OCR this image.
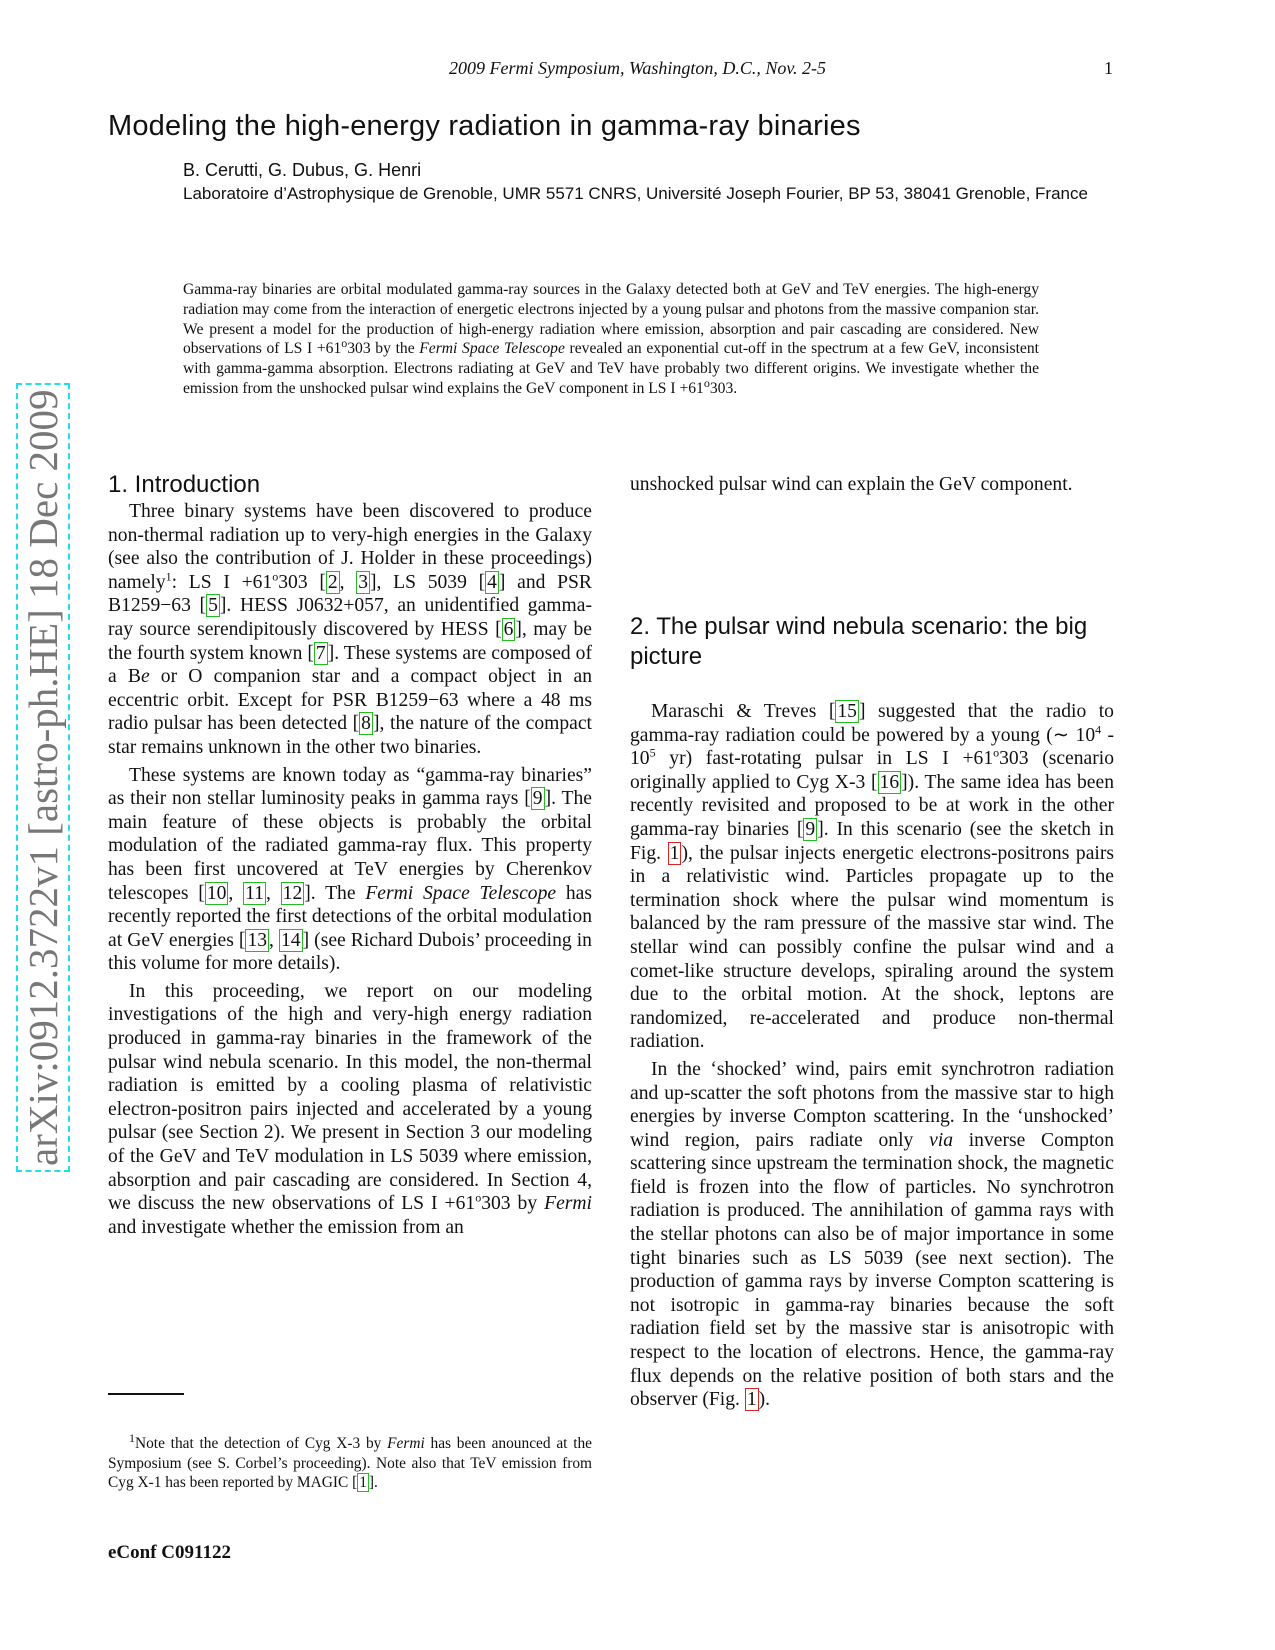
2009 Fermi Symposium, Washington, D.C., Nov. 2-5	1
Modeling the high-energy radiation in gamma-ray binaries
B. Cerutti, G. Dubus, G. Henri
Laboratoire d’Astrophysique de Grenoble, UMR 5571 CNRS, Université Joseph Fourier, BP 53, 38041 Grenoble, France

Gamma-ray binaries are orbital modulated gamma-ray sources in the Galaxy detected both at GeV and TeV energies. The high-energy radiation may come from the interaction of energetic electrons injected by a young pulsar and photons from the massive companion star. We present a model for the production of high-energy radiation where emission, absorption and pair cascading are considered. New observations of LS $I +61^o303$ by the Fermi Space Telescope revealed an exponential cut-off in the spectrum at a few GeV, inconsistent with gamma-gamma absorption. Electrons radiating at GeV and TeV have probably two different origins. We investigate whether the emission from the unshocked pulsar wind explains the GeV component in LS $I +61^o303$.

arXiv:0912.3722v1 [astro-ph.HE] 18 Dec 2009 1. Introduction

Three binary systems have been discovered to produce non-thermal radiation up to very-high energies in the Galaxy (see also the contribution of J. Holder in these proceedings) namely$^1$: LS $I +61^o303$ [ 2 , 3 ], LS 5039 [ 4 ] and PSR B1259−63 [ 5 ]. HESS J0632+057, an unidentified gamma-ray source serendipitously discovered by HESS [ 6 ], may be the fourth system known [ 7 ]. These systems are composed of a Be or O companion star and a compact object in an eccentric orbit. Except for PSR B1259−63 where a 48 ms radio pulsar has been detected [ 8 ], the nature of the compact star remains unknown in the other two binaries.

These systems are known today as “gamma-ray binaries” as their non stellar luminosity peaks in gamma rays [ 9 ]. The main feature of these objects is probably the orbital modulation of the radiated gamma-ray flux. This property has been first uncovered at TeV energies by Cherenkov telescopes [ 10 , 11 , 12 ]. The Fermi Space Telescope has recently reported the first detections of the orbital modulation at GeV energies [ 13 , 14 ] (see Richard Dubois’ proceeding in this volume for more details).

In this proceeding, we report on our modeling investigations of the high and very-high energy radiation produced in gamma-ray binaries in the framework of the pulsar wind nebula scenario. In this model, the non-thermal radiation is emitted by a cooling plasma of relativistic electron-positron pairs injected and accelerated by a young pulsar (see Section 2). We present in Section 3 our modeling of the GeV and TeV modulation in LS 5039 where emission, absorption and pair cascading are considered. In Section 4, we discuss the new observations of LS $I +61^o303$ by Fermi and investigate whether the emission from an

unshocked pulsar wind can explain the GeV component.

2. The pulsar wind nebula scenario: the big picture

Maraschi & Treves [ 15 ] suggested that the radio to gamma-ray radiation could be powered by a young (∼ $10^4 - 10^5$ yr) fast-rotating pulsar in LS $I +61^o303$ (scenario originally applied to Cyg X-3 [ 16 ]). The same idea has been recently revisited and proposed to be at work in the other gamma-ray binaries [ 9 ]. In this scenario (see the sketch in Fig. 1 ), the pulsar injects energetic electrons-positrons pairs in a relativistic wind. Particles propagate up to the termination shock where the pulsar wind momentum is balanced by the ram pressure of the massive star wind. The stellar wind can possibly confine the pulsar wind and a comet-like structure develops, spiraling around the system due to the orbital motion. At the shock, leptons are randomized, re-accelerated and produce non-thermal radiation.

In the ‘shocked’ wind, pairs emit synchrotron radiation and up-scatter the soft photons from the massive star to high energies by inverse Compton scattering. In the ‘unshocked’ wind region, pairs radiate only via inverse Compton scattering since upstream the termination shock, the magnetic field is frozen into the flow of particles. No synchrotron radiation is produced. The annihilation of gamma rays with the stellar photons can also be of major importance in some tight binaries such as LS 5039 (see next section). The production of gamma rays by inverse Compton scattering is not isotropic in gamma-ray binaries because the soft radiation field set by the massive star is anisotropic with respect to the location of electrons. Hence, the gamma-ray flux depends on the relative position of both stars and the observer (Fig. 1 ).

$^1$Note that the detection of Cyg X-3 by Fermi has been anounced at the Symposium (see S. Corbel’s proceeding). Note also that TeV emission from Cyg X-1 has been reported by MAGIC [ 1 ].

eConf C091122
